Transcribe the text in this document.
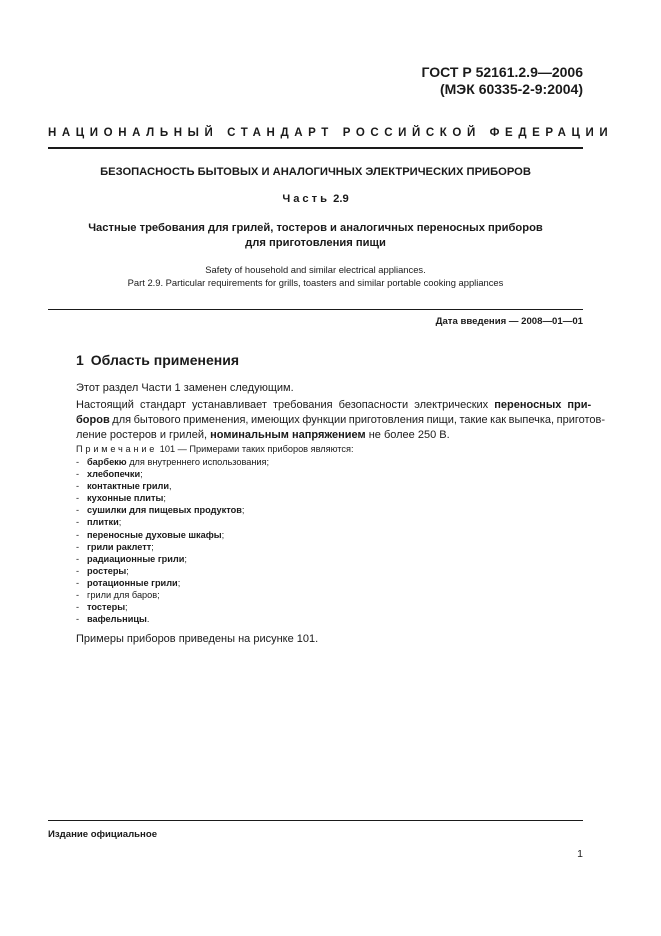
ГОСТ Р 52161.2.9—2006
(МЭК 60335-2-9:2004)
НАЦИОНАЛЬНЫЙ СТАНДАРТ РОССИЙСКОЙ ФЕДЕРАЦИИ
БЕЗОПАСНОСТЬ БЫТОВЫХ И АНАЛОГИЧНЫХ ЭЛЕКТРИЧЕСКИХ ПРИБОРОВ
Часть 2.9
Частные требования для грилей, тостеров и аналогичных переносных приборов
для приготовления пищи
Safety of household and similar electrical appliances.
Part 2.9. Particular requirements for grills, toasters and similar portable cooking appliances
Дата введения — 2008—01—01
1 Область применения
Этот раздел Части 1 заменен следующим.
Настоящий стандарт устанавливает требования безопасности электрических переносных при-
боров для бытового применения, имеющих функции приготовления пищи, такие как выпечка, приготов-
ление ростеров и грилей, номинальным напряжением не более 250 В.
Примечание 101 — Примерами таких приборов являются:
- барбекю для внутреннего использования;
- хлебопечки;
- контактные грили,
- кухонные плиты;
- сушилки для пищевых продуктов;
- плитки;
- переносные духовые шкафы;
- грили раклетт;
- радиационные грили;
- ростеры;
- ротационные грили;
- грили для баров;
- тостеры;
- вафельницы.
Примеры приборов приведены на рисунке 101.
Издание официальное
1
